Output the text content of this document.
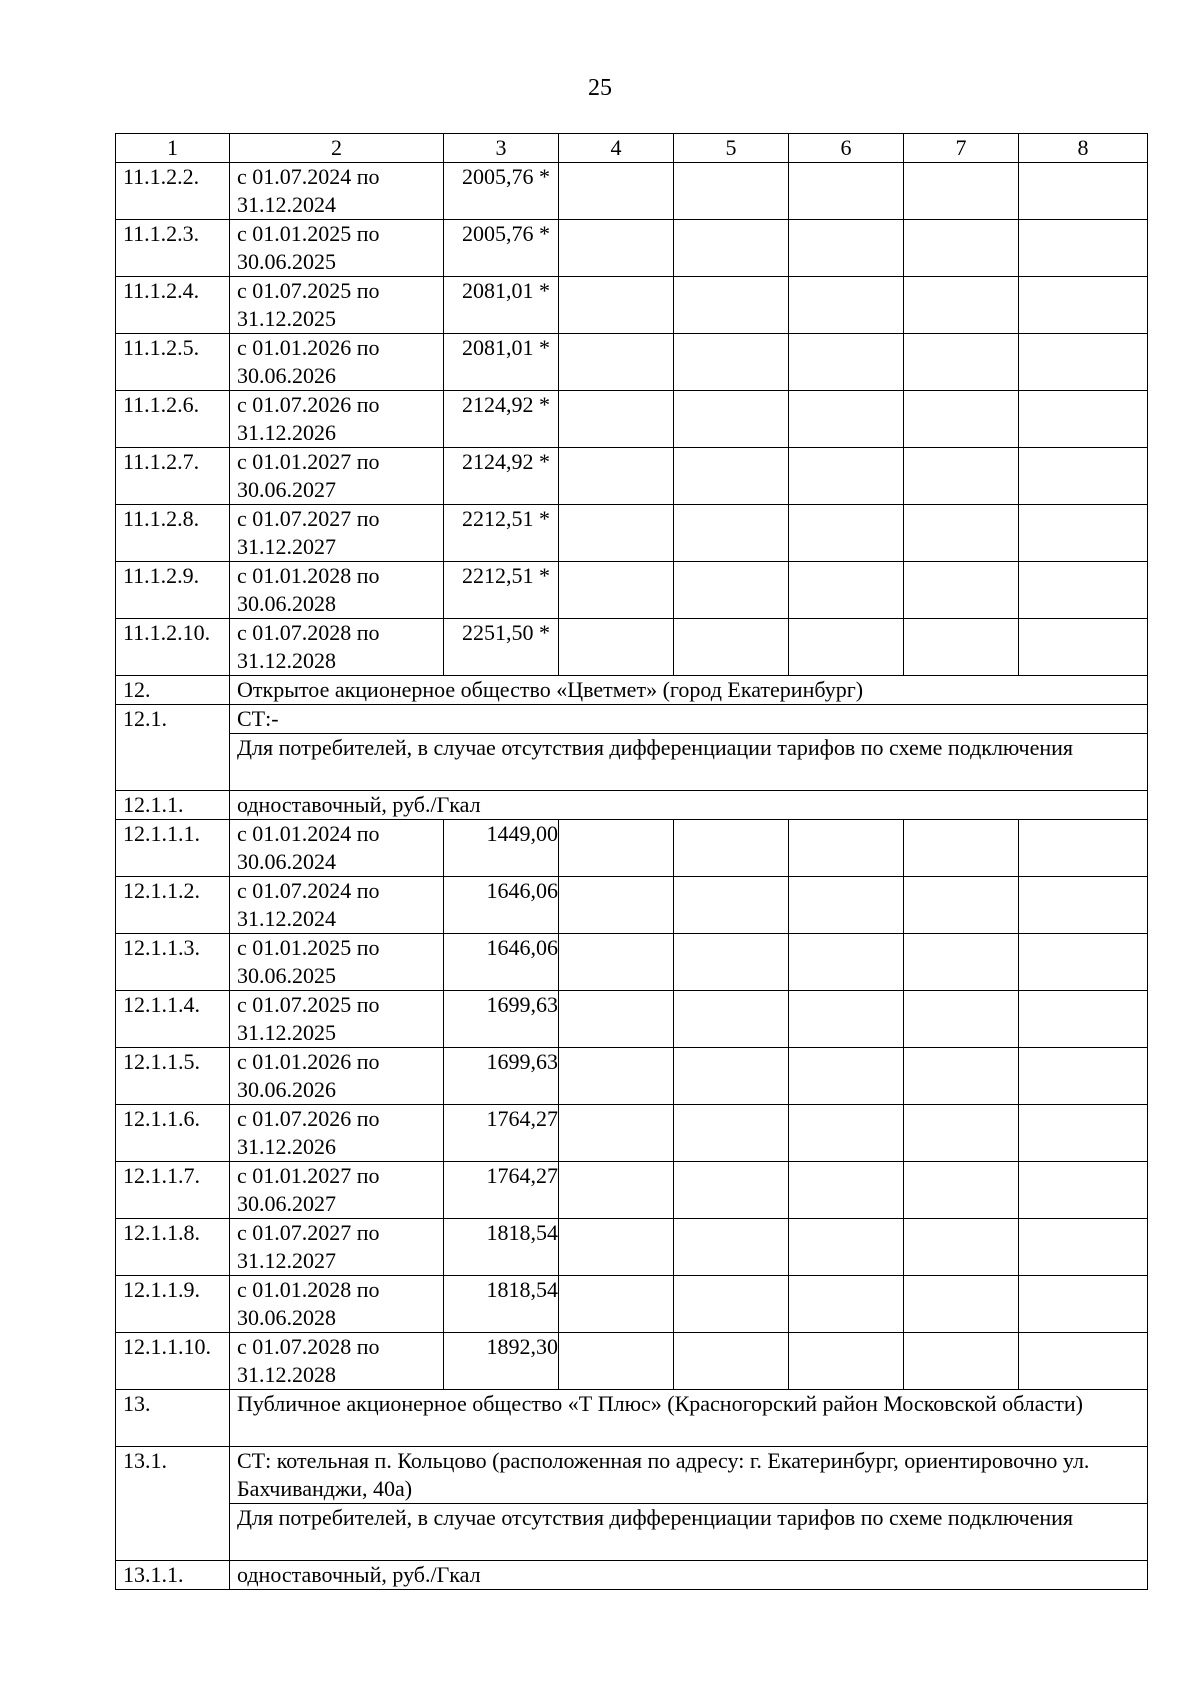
25
1	2	3	4	5	6	7	8
11.1.2.2.	с 01.07.2024 по 31.12.2024	2005,76 *					
11.1.2.3.	с 01.01.2025 по 30.06.2025	2005,76 *					
11.1.2.4.	с 01.07.2025 по 31.12.2025	2081,01 *					
11.1.2.5.	с 01.01.2026 по 30.06.2026	2081,01 *					
11.1.2.6.	с 01.07.2026 по 31.12.2026	2124,92 *					
11.1.2.7.	с 01.01.2027 по 30.06.2027	2124,92 *					
11.1.2.8.	с 01.07.2027 по 31.12.2027	2212,51 *					
11.1.2.9.	с 01.01.2028 по 30.06.2028	2212,51 *					
11.1.2.10.	с 01.07.2028 по 31.12.2028	2251,50 *					
12.	Открытое акционерное общество «Цветмет» (город Екатеринбург)						
12.1.	СТ:-						
	Для потребителей, в случае отсутствия дифференциации тарифов по схеме подключения						
12.1.1.	одноставочный, руб./Гкал						
12.1.1.1.	с 01.01.2024 по 30.06.2024	1449,00					
12.1.1.2.	с 01.07.2024 по 31.12.2024	1646,06					
12.1.1.3.	с 01.01.2025 по 30.06.2025	1646,06					
12.1.1.4.	с 01.07.2025 по 31.12.2025	1699,63					
12.1.1.5.	с 01.01.2026 по 30.06.2026	1699,63					
12.1.1.6.	с 01.07.2026 по 31.12.2026	1764,27					
12.1.1.7.	с 01.01.2027 по 30.06.2027	1764,27					
12.1.1.8.	с 01.07.2027 по 31.12.2027	1818,54					
12.1.1.9.	с 01.01.2028 по 30.06.2028	1818,54					
12.1.1.10.	с 01.07.2028 по 31.12.2028	1892,30					
13.	Публичное акционерное общество «Т Плюс» (Красногорский район Московской области)						
13.1.	СТ: котельная п. Кольцово (расположенная по адресу: г. Екатеринбург, ориентировочно ул. Бахчиванджи, 40а)						
	Для потребителей, в случае отсутствия дифференциации тарифов по схеме подключения						
13.1.1.	одноставочный, руб./Гкал						
